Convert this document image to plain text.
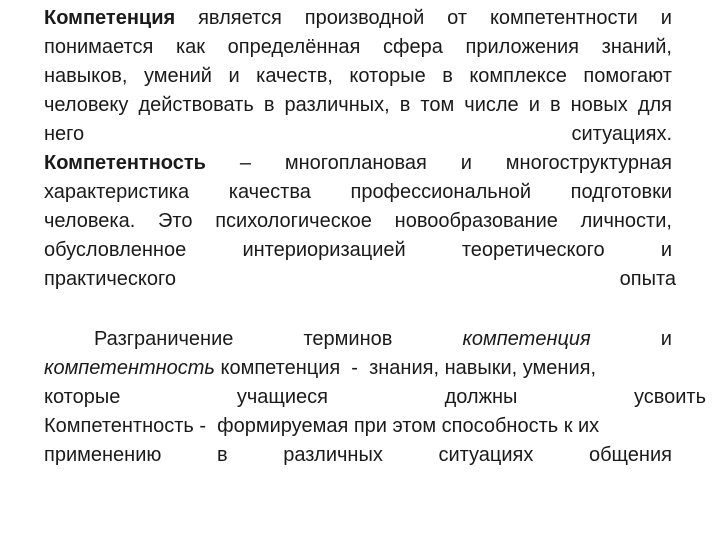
Компетенция является производной от компетентности и
понимается как определённая сфера приложения знаний,
навыков, умений и качеств, которые в комплексе помогают
человеку действовать в различных, в том числе и в новых для
него	ситуациях.
Компетентность – многоплановая и многоструктурная
характеристика качества профессиональной подготовки
человека. Это психологическое новообразование личности,
обусловленное	интериоризацией	теоретического	и
практического	опыта
Разграничение	терминов	компетенция	и
компетентность компетенция  -  знания, навыки, умения,
которые	учащиеся	должны	усвоить
Компетентность -  формируемая при этом способность к их
применению	в	различных	ситуациях	общения
